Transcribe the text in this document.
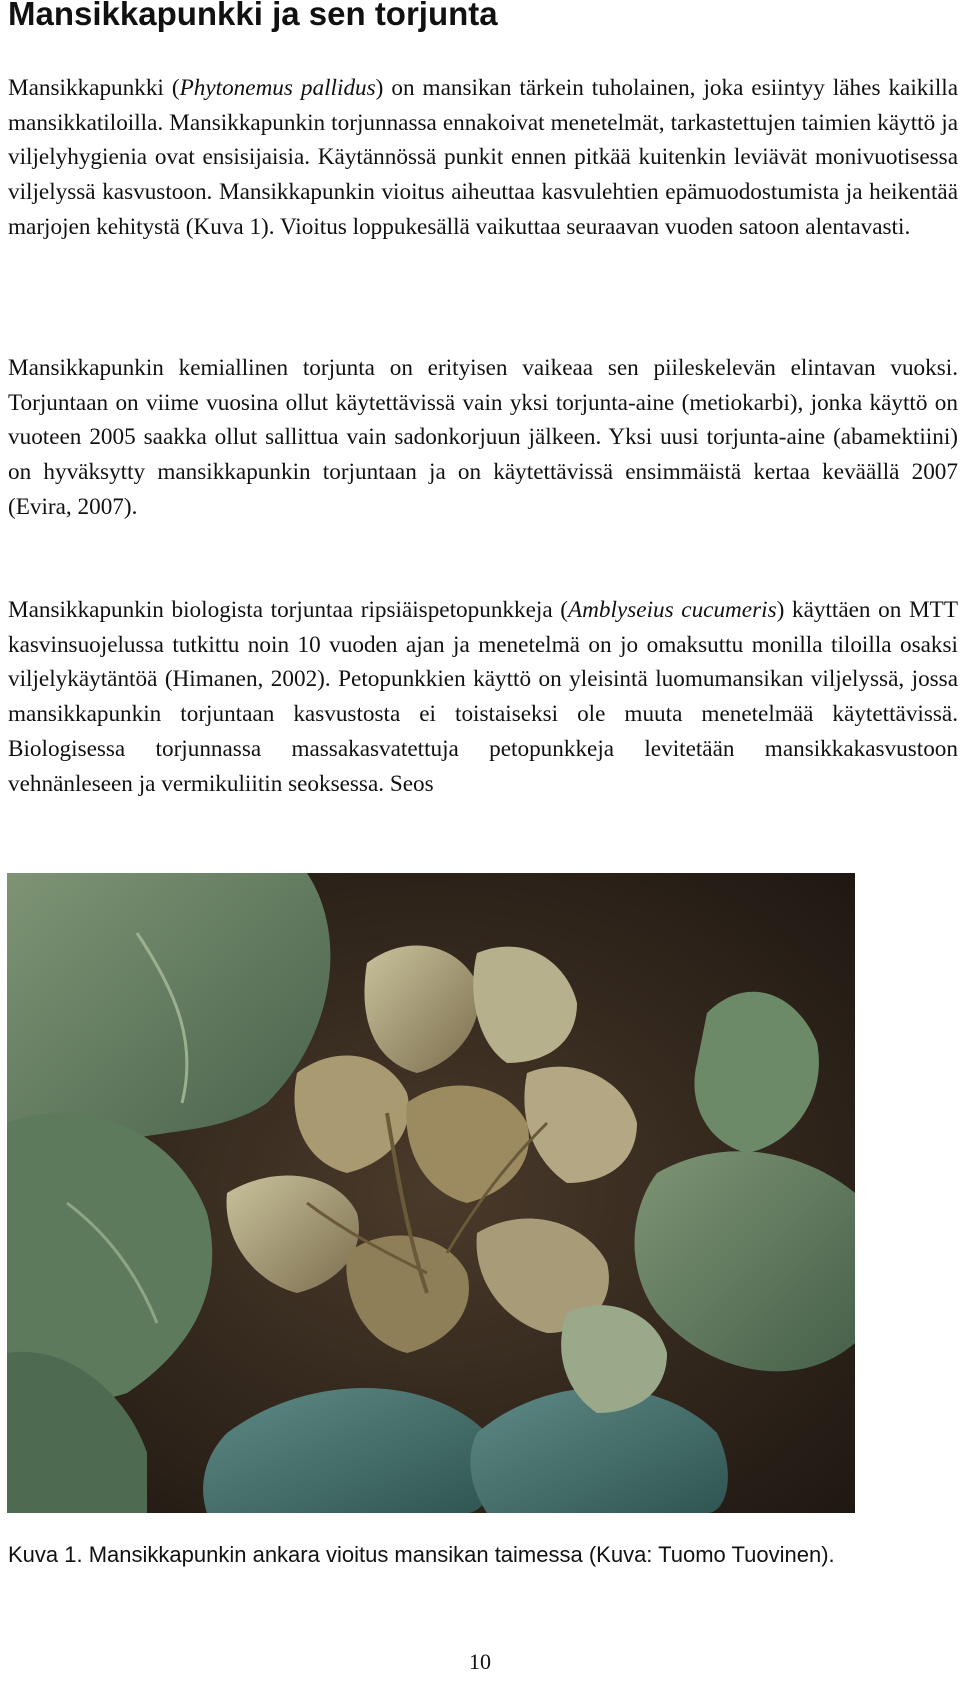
Mansikkapunkki ja sen torjunta

Mansikkapunkki (Phytonemus pallidus) on mansikan tärkein tuholainen, joka esiintyy lähes kaikilla mansikkatiloilla. Mansikkapunkin torjunnassa ennakoivat menetelmät, tarkastettujen taimien käyttö ja viljelyhygienia ovat ensisijaisia. Käytännössä punkit ennen pitkää kuitenkin leviävät monivuotisessa viljelyssä kasvustoon. Mansikkapunkin vioitus aiheuttaa kasvulehtien epämuodostumista ja heikentää marjojen kehitystä (Kuva 1). Vioitus loppukesällä vaikuttaa seuraavan vuoden satoon alentavasti.

Mansikkapunkin kemiallinen torjunta on erityisen vaikeaa sen piileskelevän elintavan vuoksi. Torjuntaan on viime vuosina ollut käytettävissä vain yksi torjunta-aine (metiokarbi), jonka käyttö on vuoteen 2005 saakka ollut sallittua vain sadonkorjuun jälkeen. Yksi uusi torjunta-aine (abamektiini) on hyväksytty mansikkapunkin torjuntaan ja on käytettävissä ensimmäistä kertaa keväällä 2007 (Evira, 2007).

Mansikkapunkin biologista torjuntaa ripsiäispetopunkkeja (Amblyseius cucumeris) käyttäen on MTT kasvinsuojelussa tutkittu noin 10 vuoden ajan ja menetelmä on jo omaksuttu monilla tiloilla osaksi viljelykäytäntöä (Himanen, 2002). Petopunkkien käyttö on yleisintä luomumansikan viljelyssä, jossa mansikkapunkin torjuntaan kasvustosta ei toistaiseksi ole muuta menetelmää käytettävissä. Biologisessa torjunnassa massakasvatettuja petopunkkeja levitetään mansikkakasvustoon vehnänleseen ja vermikuliitin seoksessa. Seos

Kuva 1. Mansikkapunkin ankara vioitus mansikan taimessa (Kuva: Tuomo Tuovinen).

10
